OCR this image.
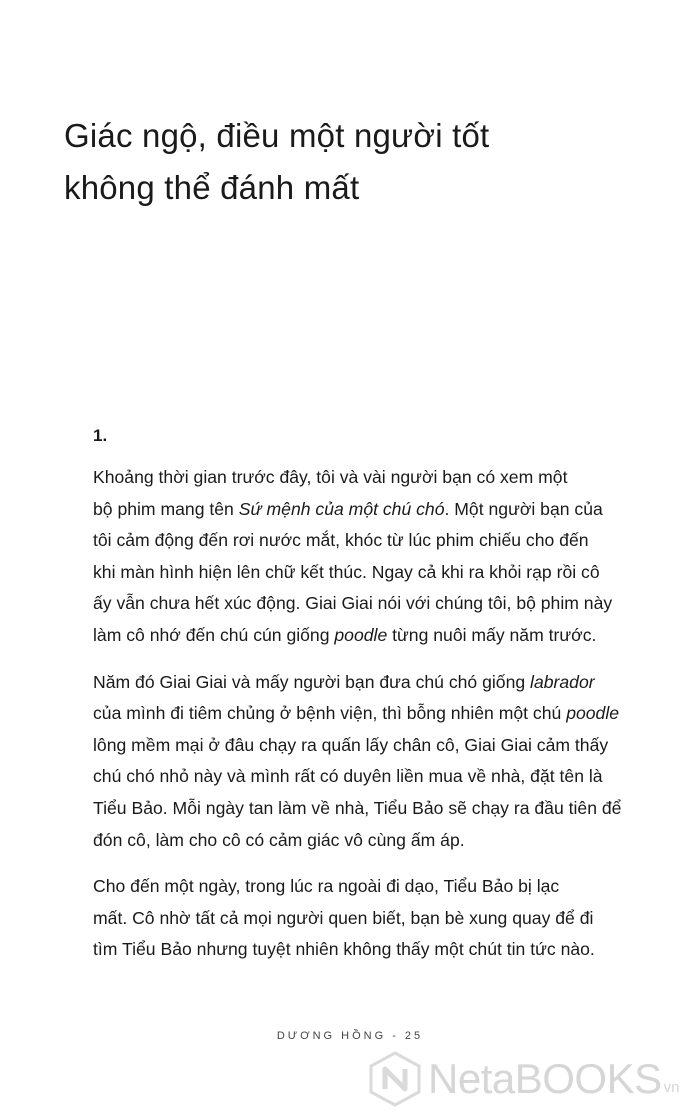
Giác ngộ, điều một người tốt
không thể đánh mất
1.

Khoảng thời gian trước đây, tôi và vài người bạn có xem một
bộ phim mang tên Sứ mệnh của một chú chó. Một người bạn của
tôi cảm động đến rơi nước mắt, khóc từ lúc phim chiếu cho đến
khi màn hình hiện lên chữ kết thúc. Ngay cả khi ra khỏi rạp rồi cô
ấy vẫn chưa hết xúc động. Giai Giai nói với chúng tôi, bộ phim này
làm cô nhớ đến chú cún giống poodle từng nuôi mấy năm trước.

Năm đó Giai Giai và mấy người bạn đưa chú chó giống labrador
của mình đi tiêm chủng ở bệnh viện, thì bỗng nhiên một chú poodle
lông mềm mại ở đâu chạy ra quấn lấy chân cô, Giai Giai cảm thấy
chú chó nhỏ này và mình rất có duyên liền mua về nhà, đặt tên là
Tiểu Bảo. Mỗi ngày tan làm về nhà, Tiểu Bảo sẽ chạy ra đầu tiên để
đón cô, làm cho cô có cảm giác vô cùng ấm áp.

Cho đến một ngày, trong lúc ra ngoài đi dạo, Tiểu Bảo bị lạc
mất. Cô nhờ tất cả mọi người quen biết, bạn bè xung quay để đi
tìm Tiểu Bảo nhưng tuyệt nhiên không thấy một chút tin tức nào.

DƯƠNG HỒNG - 25
NetaBOOKS vn
